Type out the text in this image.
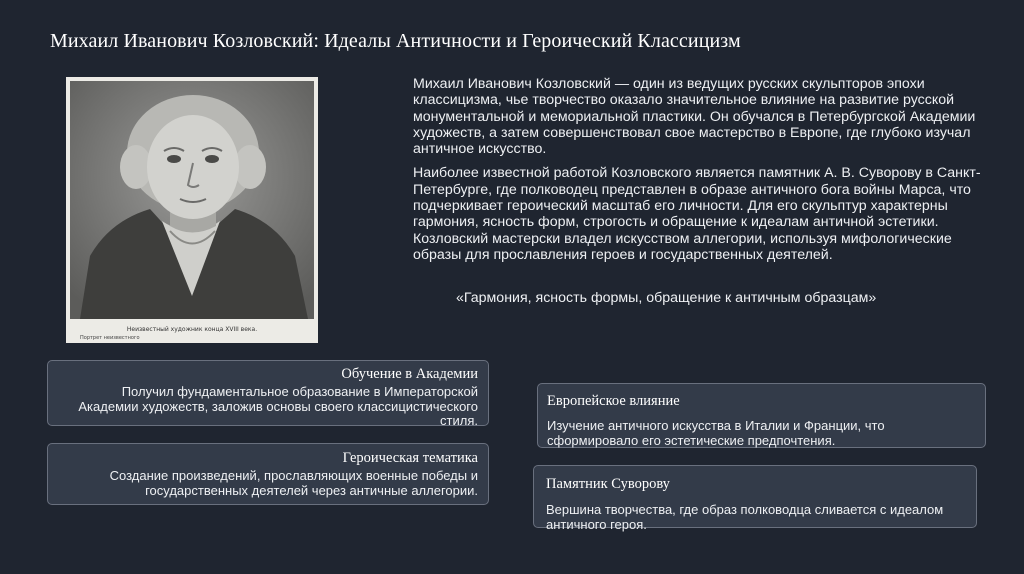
Михаил Иванович Козловский: Идеалы Античности и Героический Классицизм
Неизвестный художник конца XVIII века.
Портрет неизвестного

Михаил Иванович Козловский — один из ведущих русских скульпторов эпохи классицизма, чье творчество оказало значительное влияние на развитие русской монументальной и мемориальной пластики. Он обучался в Петербургской Академии художеств, а затем совершенствовал свое мастерство в Европе, где глубоко изучал античное искусство.

Наиболее известной работой Козловского является памятник А. В. Суворову в Санкт-Петербурге, где полководец представлен в образе античного бога войны Марса, что подчеркивает героический масштаб его личности. Для его скульптур характерны гармония, ясность форм, строгость и обращение к идеалам античной эстетики. Козловский мастерски владел искусством аллегории, используя мифологические образы для прославления героев и государственных деятелей.

«Гармония, ясность формы, обращение к античным образцам»
Обучение в Академии
Получил фундаментальное образование в Императорской Академии художеств, заложив основы своего классицистического стиля.
Героическая тематика
Создание произведений, прославляющих военные победы и государственных деятелей через античные аллегории.
Европейское влияние
Изучение античного искусства в Италии и Франции, что сформировало его эстетические предпочтения.
Памятник Суворову
Вершина творчества, где образ полководца сливается с идеалом античного героя.
